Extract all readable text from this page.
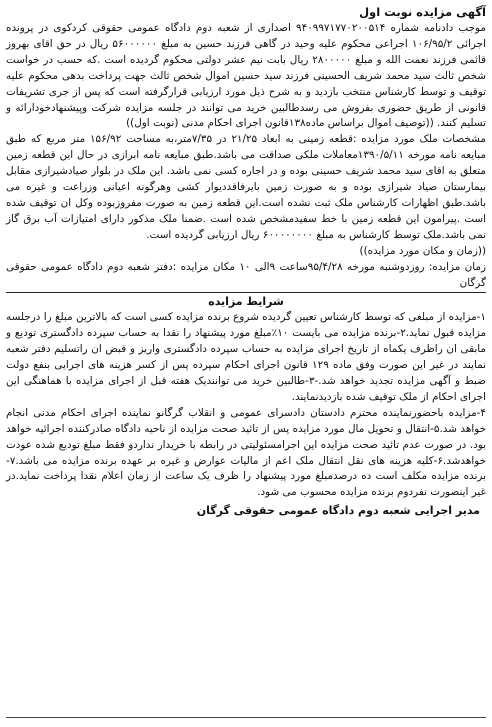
آگهی مزایده نوبت اول

موجب دادنامه شماره ۹۴۰۹۹۷۱۷۷۰۲۰۰۵۱۴ اصداری از شعبه دوم دادگاه عمومی حقوقی کردکوی در پرونده اجرائی ۱۰۶/۹۵/۲ اجراعی محکوم علیه وحید در گاهی فرزند حسین به مبلغ ۵۶۰۰۰۰۰۰ ریال در حق اقای بهروز قائمی فرزند نعمت الله و مبلغ ۲۸۰۰۰۰۰ ریال بابت نیم عشر دولتی محکوم گردیده است .که حسب در خواست شخص ثالث سید محمد شریف الحسینی فرزند سید حسین اموال شخص ثالث جهت پرداخت بدهی محکوم علیه توقیف و توسط کارشناس منتخب بازدید و به شرح ذیل مورد ارزیابی قرارگرفته است که پس از جری تشریفات قانونی از طریق حضوری بفروش می رسدطالبین خرید می توانند در جلسه مزایده شرکت وپیشنهادخودارائه و تسلیم کنند. ((توصیف اموال براساس ماده۱۳۸قانون اجرای احکام مدنی (نوبت اول))

مشخصات ملک مورد مزایده :قطعه زمینی به ابعاد ۲۱/۲۵ در ۷/۳۵متر،به مساحت ۱۵۶/۹۲ متر مربع که طبق مبایعه نامه مورخه ۱۳۹۰/۵/۱۱معاملات ملکی صداقت می باشد.طبق مبایعه نامه ابرازی در حال این قطعه زمین متعلق به اقای سید محمد شریف حسینی بوده و در اجاره کسی نمی باشد. این ملک در بلوار صیادشیرازی مقابل بیمارستان صیاد شیرازی بوده و به صورت زمین بایرفاقددیوار کشی وهرگونه اعیانی وزراعت و غیره می باشد.طبق اظهارات کارشناس ملک ثبت نشده است.این قطعه زمین به صورت مفروزبوده وکل ان توقیف شده است .پیرامون این قطعه زمین با خط سفیدمشخص شده است .ضمنا ملک مذکور دارای امتیازات آب برق گاز نمی باشد.ملک توسط کارشناس به مبلغ ۶۰۰۰۰۰۰۰۰ ریال ارزیابی گردیده است.

((زمان و مکان مورد مزایده))

زمان مزایده: روزدوشنبه مورخه ۹۵/۴/۲۸ساعت ۹الی ۱۰ مکان مزایده :دفتر شعبه دوم دادگاه عمومی حقوقی گرگان

شرایط مزایده

۱-مزایده از مبلغی که توسط کارشناس تعیین گردیده شروع برنده مزایده کسی است که بالاترین مبلغ را درجلسه مزایده قبول نماید.۲-برنده مزایده می بایست ۱۰٪مبلغ مورد پیشنهاد را نقدا به حساب سپرده دادگستری تودیع و مابقی ان راظرف یکماه از تاریخ اجرای مزایده به حساب سپرده دادگستری واریز و قبض ان راتسلیم دفتر شعبه نمایند در غیر این صورت وفق ماده ۱۲۹ قانون اجرای احکام سپرده پس از کسر هزینه های اجرایی بنفع دولت ضبط و آگهی مزایده تجدید خواهد شد.-۳-طالبین خرید می توانندیک هفته قبل از اجرای مزایده با هماهنگی این اجرای احکام از ملک توقیف شده بازدیدنمایند.

۴-مزایده باحضورنماینده محترم دادستان دادسرای عمومی و انقلاب گرگانو نماینده اجرای احکام مدنی انجام خواهد شد.۵-انتقال و تحویل مال مورد مزایده پس از تائید صحت مزایده از ناحیه دادگاه صادرکننده اجرائیه خواهد بود. در صورت عدم تائید صحت مزایده این اجرامسئولیتی در رابطه با خریدار نداردو فقط مبلغ تودیع شده عودت خواهدشد.۶-کلیه هزینه های نقل انتقال ملک اعم از مالیات عوارض و غیره بر عهده برنده مزایده می باشد.۷- برنده مزایده مکلف است ده درصدمبلغ مورد پیشنهاد را ظرف یک ساعت از زمان اعلام نقدا پرداخت نماید.در غیر اینصورت نفردوم برنده مزایده محسوب می شود.

مدیر اجرایی شعبه دوم دادگاه عمومی حقوقی گرگان
